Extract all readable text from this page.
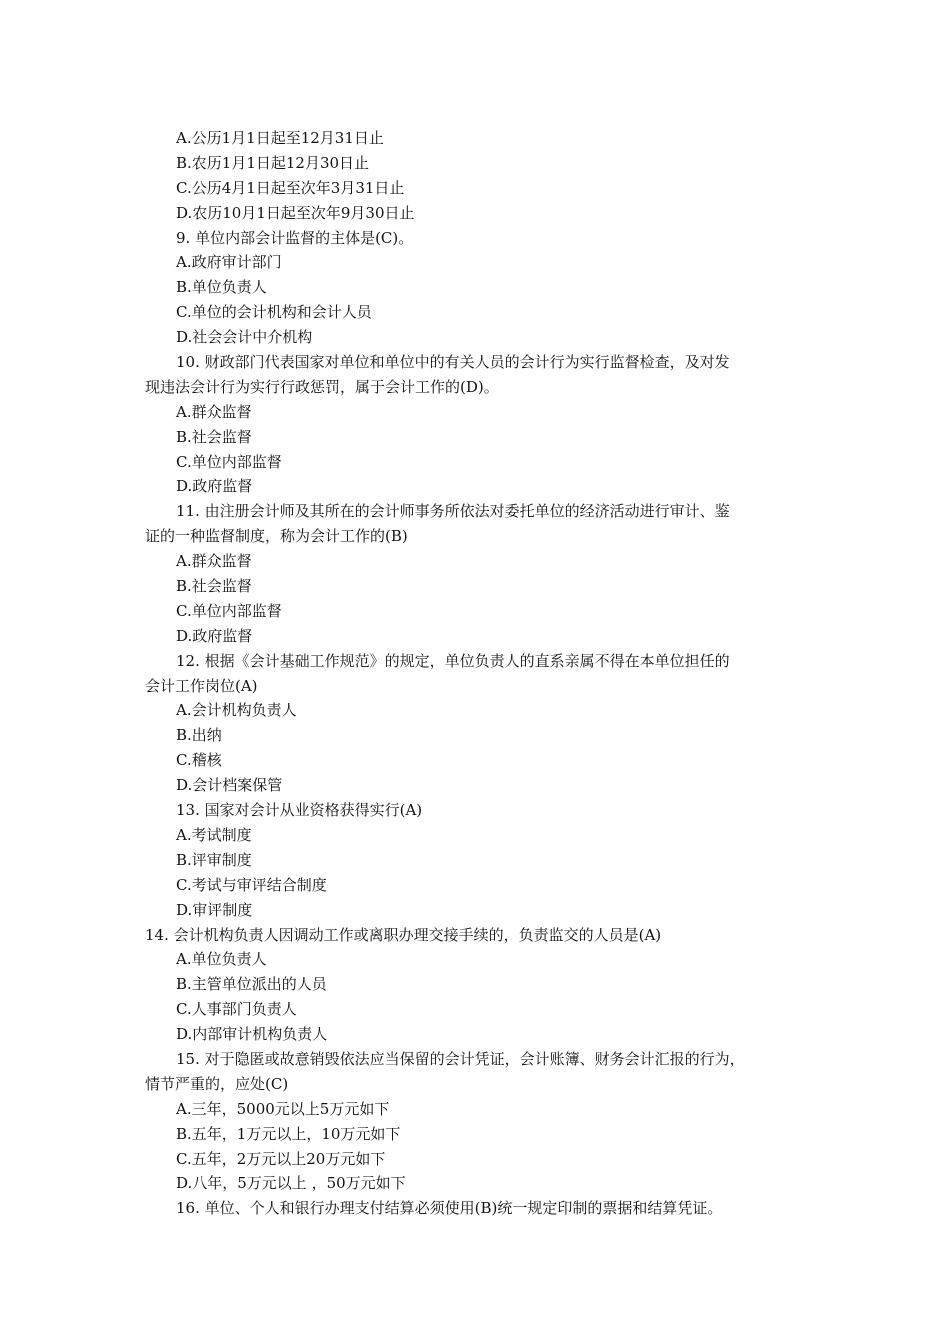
A.公历1月1日起至12月31日止
B.农历1月1日起12月30日止
C.公历4月1日起至次年3月31日止
D.农历10月1日起至次年9月30日止
9. 单位内部会计监督的主体是(C)。
A.政府审计部门
B.单位负责人
C.单位的会计机构和会计人员
D.社会会计中介机构
10. 财政部门代表国家对单位和单位中的有关人员的会计行为实行监督检查，及对发
现违法会计行为实行行政惩罚，属于会计工作的(D)。
A.群众监督
B.社会监督
C.单位内部监督
D.政府监督
11. 由注册会计师及其所在的会计师事务所依法对委托单位的经济活动进行审计、鉴
证的一种监督制度，称为会计工作的(B)
A.群众监督
B.社会监督
C.单位内部监督
D.政府监督
12. 根据《会计基础工作规范》的规定，单位负责人的直系亲属不得在本单位担任的
会计工作岗位(A)
A.会计机构负责人
B.出纳
C.稽核
D.会计档案保管
13. 国家对会计从业资格获得实行(A)
A.考试制度
B.评审制度
C.考试与审评结合制度
D.审评制度
14. 会计机构负责人因调动工作或离职办理交接手续的，负责监交的人员是(A)
A.单位负责人
B.主管单位派出的人员
C.人事部门负责人
D.内部审计机构负责人
15. 对于隐匿或故意销毁依法应当保留的会计凭证，会计账簿、财务会计汇报的行为，
情节严重的，应处(C)
A.三年，5000元以上5万元如下
B.五年，1万元以上，10万元如下
C.五年，2万元以上20万元如下
D.八年，5万元以上 ，50万元如下
16. 单位、个人和银行办理支付结算必须使用(B)统一规定印制的票据和结算凭证。
